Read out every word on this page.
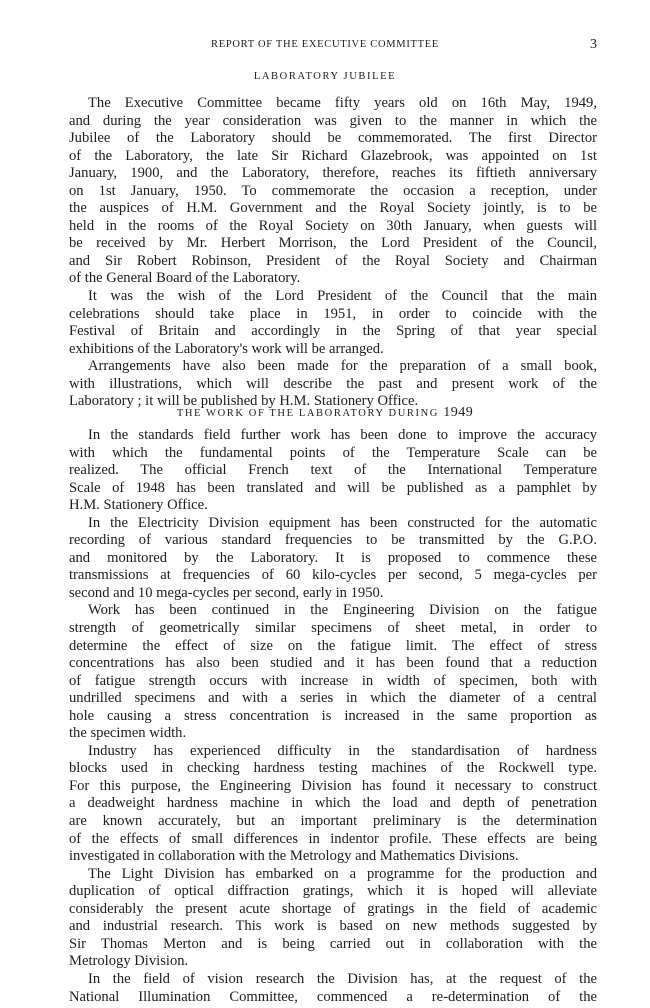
REPORT OF THE EXECUTIVE COMMITTEE	3
LABORATORY JUBILEE
The Executive Committee became fifty years old on 16th May, 1949,
and during the year consideration was given to the manner in which the
Jubilee of the Laboratory should be commemorated. The first Director
of the Laboratory, the late Sir Richard Glazebrook, was appointed on 1st
January, 1900, and the Laboratory, therefore, reaches its fiftieth anniversary
on 1st January, 1950. To commemorate the occasion a reception, under
the auspices of H.M. Government and the Royal Society jointly, is to be
held in the rooms of the Royal Society on 30th January, when guests will
be received by Mr. Herbert Morrison, the Lord President of the Council,
and Sir Robert Robinson, President of the Royal Society and Chairman
of the General Board of the Laboratory.
It was the wish of the Lord President of the Council that the main
celebrations should take place in 1951, in order to coincide with the
Festival of Britain and accordingly in the Spring of that year special
exhibitions of the Laboratory's work will be arranged.
Arrangements have also been made for the preparation of a small book,
with illustrations, which will describe the past and present work of the
Laboratory ; it will be published by H.M. Stationery Office.
THE WORK OF THE LABORATORY DURING 1949
In the standards field further work has been done to improve the accuracy
with which the fundamental points of the Temperature Scale can be
realized. The official French text of the International Temperature
Scale of 1948 has been translated and will be published as a pamphlet by
H.M. Stationery Office.
In the Electricity Division equipment has been constructed for the automatic
recording of various standard frequencies to be transmitted by the G.P.O.
and monitored by the Laboratory. It is proposed to commence these
transmissions at frequencies of 60 kilo-cycles per second, 5 mega-cycles per
second and 10 mega-cycles per second, early in 1950.
Work has been continued in the Engineering Division on the fatigue
strength of geometrically similar specimens of sheet metal, in order to
determine the effect of size on the fatigue limit. The effect of stress
concentrations has also been studied and it has been found that a reduction
of fatigue strength occurs with increase in width of specimen, both with
undrilled specimens and with a series in which the diameter of a central
hole causing a stress concentration is increased in the same proportion as
the specimen width.
Industry has experienced difficulty in the standardisation of hardness
blocks used in checking hardness testing machines of the Rockwell type.
For this purpose, the Engineering Division has found it necessary to construct
a deadweight hardness machine in which the load and depth of penetration
are known accurately, but an important preliminary is the determination
of the effects of small differences in indentor profile. These effects are being
investigated in collaboration with the Metrology and Mathematics Divisions.
The Light Division has embarked on a programme for the production and
duplication of optical diffraction gratings, which it is hoped will alleviate
considerably the present acute shortage of gratings in the field of academic
and industrial research. This work is based on new methods suggested by
Sir Thomas Merton and is being carried out in collaboration with the
Metrology Division.
In the field of vision research the Division has, at the request of the
National Illumination Committee, commenced a re-determination of the
